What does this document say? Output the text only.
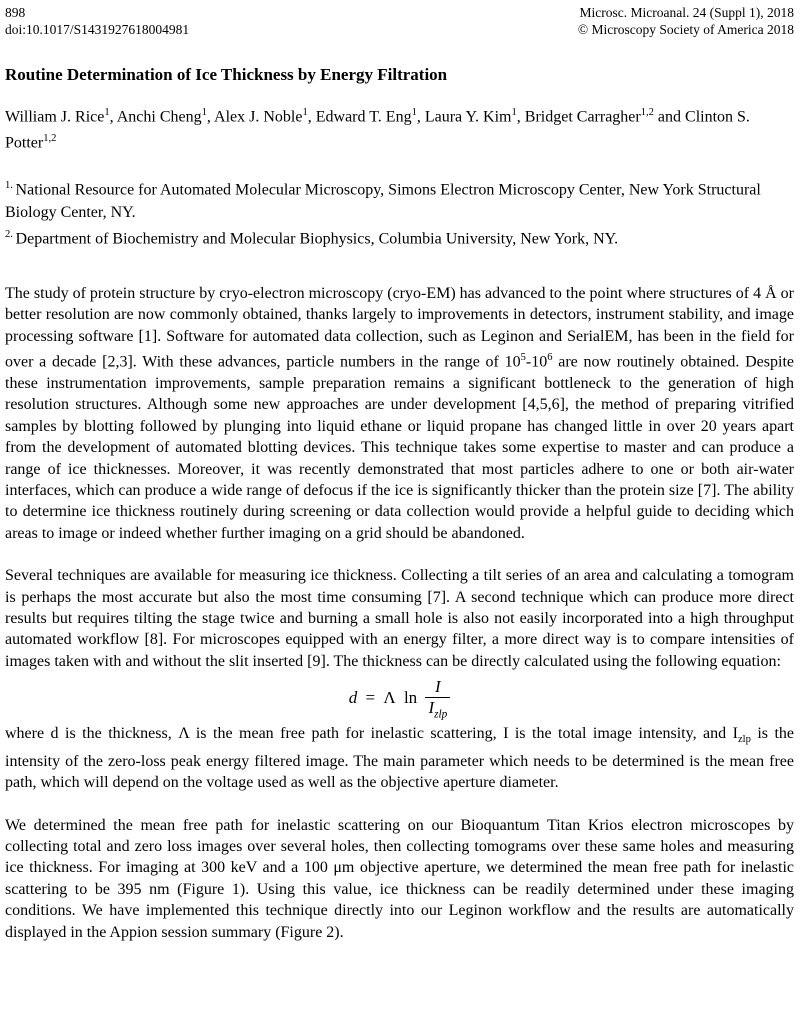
898
doi:10.1017/S1431927618004981
Microsc. Microanal. 24 (Suppl 1), 2018
© Microscopy Society of America 2018
Routine Determination of Ice Thickness by Energy Filtration

William J. Rice$^1$, Anchi Cheng$^1$, Alex J. Noble$^1$, Edward T. Eng$^1$, Laura Y. Kim$^1$, Bridget Carragher$^{1,2}$ and Clinton S. Potter$^{1,2}$

$^{1.}$ National Resource for Automated Molecular Microscopy, Simons Electron Microscopy Center, New York Structural Biology Center, NY.

$^{2.}$ Department of Biochemistry and Molecular Biophysics, Columbia University, New York, NY.

The study of protein structure by cryo-electron microscopy (cryo-EM) has advanced to the point where structures of 4 Å or better resolution are now commonly obtained, thanks largely to improvements in detectors, instrument stability, and image processing software [1]. Software for automated data collection, such as Leginon and SerialEM, has been in the field for over a decade [2,3]. With these advances, particle numbers in the range of $10^5-10^6$ are now routinely obtained. Despite these instrumentation improvements, sample preparation remains a significant bottleneck to the generation of high resolution structures. Although some new approaches are under development [4,5,6], the method of preparing vitrified samples by blotting followed by plunging into liquid ethane or liquid propane has changed little in over 20 years apart from the development of automated blotting devices. This technique takes some expertise to master and can produce a range of ice thicknesses. Moreover, it was recently demonstrated that most particles adhere to one or both air-water interfaces, which can produce a wide range of defocus if the ice is significantly thicker than the protein size [7]. The ability to determine ice thickness routinely during screening or data collection would provide a helpful guide to deciding which areas to image or indeed whether further imaging on a grid should be abandoned.

Several techniques are available for measuring ice thickness. Collecting a tilt series of an area and calculating a tomogram is perhaps the most accurate but also the most time consuming [7]. A second technique which can produce more direct results but requires tilting the stage twice and burning a small hole is also not easily incorporated into a high throughput automated workflow [8]. For microscopes equipped with an energy filter, a more direct way is to compare intensities of images taken with and without the slit inserted [9]. The thickness can be directly calculated using the following equation:

d = Λ $\ln \frac{I}{I_{zlp}}$

where d is the thickness, Λ is the mean free path for inelastic scattering, I is the total image intensity, and $I_{zlp}$ is the intensity of the zero-loss peak energy filtered image. The main parameter which needs to be determined is the mean free path, which will depend on the voltage used as well as the objective aperture diameter.

We determined the mean free path for inelastic scattering on our Bioquantum Titan Krios electron microscopes by collecting total and zero loss images over several holes, then collecting tomograms over these same holes and measuring ice thickness. For imaging at 300 keV and a 100 μm objective aperture, we determined the mean free path for inelastic scattering to be 395 nm (Figure 1). Using this value, ice thickness can be readily determined under these imaging conditions. We have implemented this technique directly into our Leginon workflow and the results are automatically displayed in the Appion session summary (Figure 2).
